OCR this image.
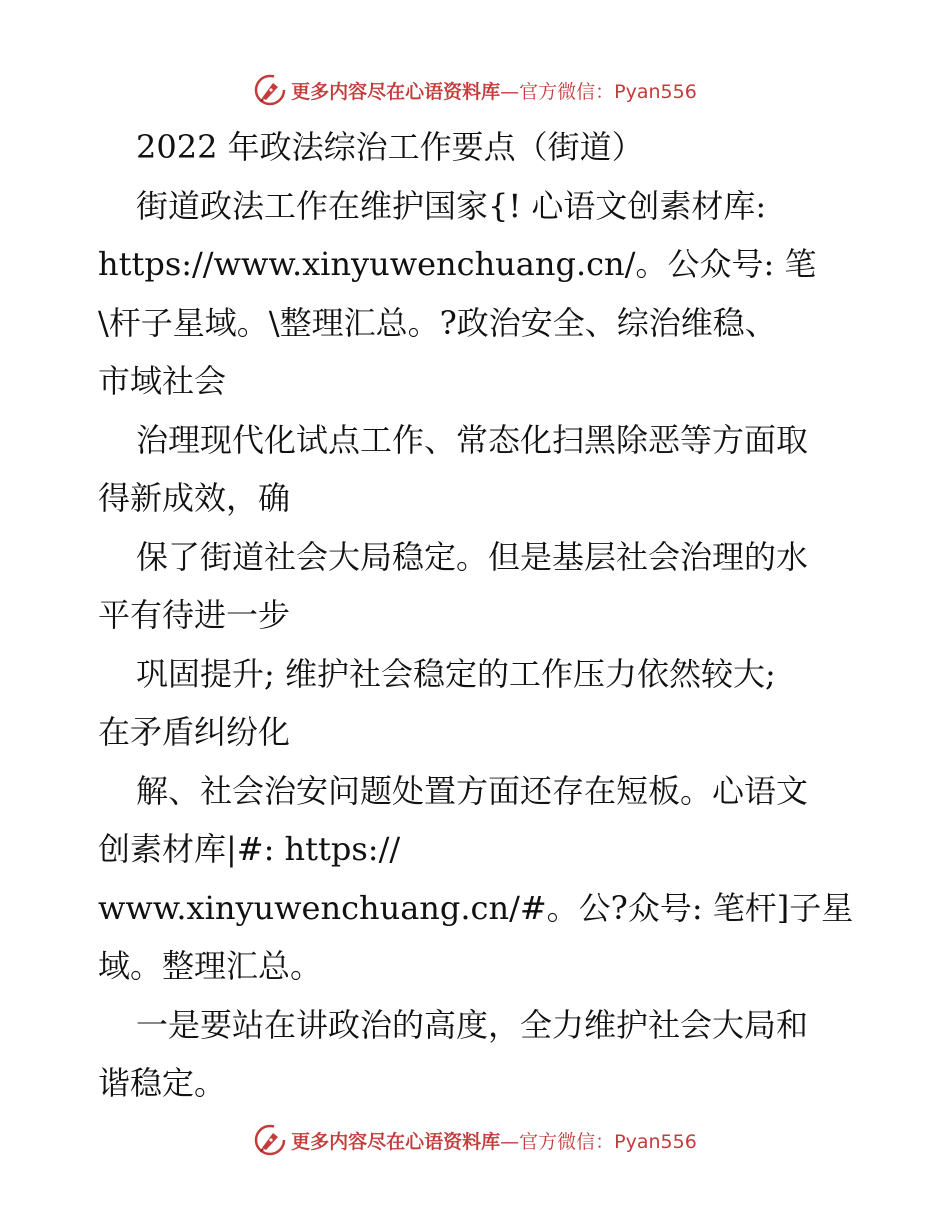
更多内容尽在心语资料库 —官方微信：Pyan556
2022 年政法综治工作要点（街道）
街道政法工作在维护国家{! 心语文创素材库:
https://www.xinyuwenchuang.cn/。公众号: 笔
\杆子星域。\整理汇总。?政治安全、综治维稳、
市域社会
治理现代化试点工作、常态化扫黑除恶等方面取
得新成效，确
保了街道社会大局稳定。但是基层社会治理的水
平有待进一步
巩固提升; 维护社会稳定的工作压力依然较大;
在矛盾纠纷化
解、社会治安问题处置方面还存在短板。心语文
创素材库|#: https://
www.xinyuwenchuang.cn/#。公?众号: 笔杆]子星
域。整理汇总。
一是要站在讲政治的高度，全力维护社会大局和
谐稳定。
更多内容尽在心语资料库 —官方微信：Pyan556
